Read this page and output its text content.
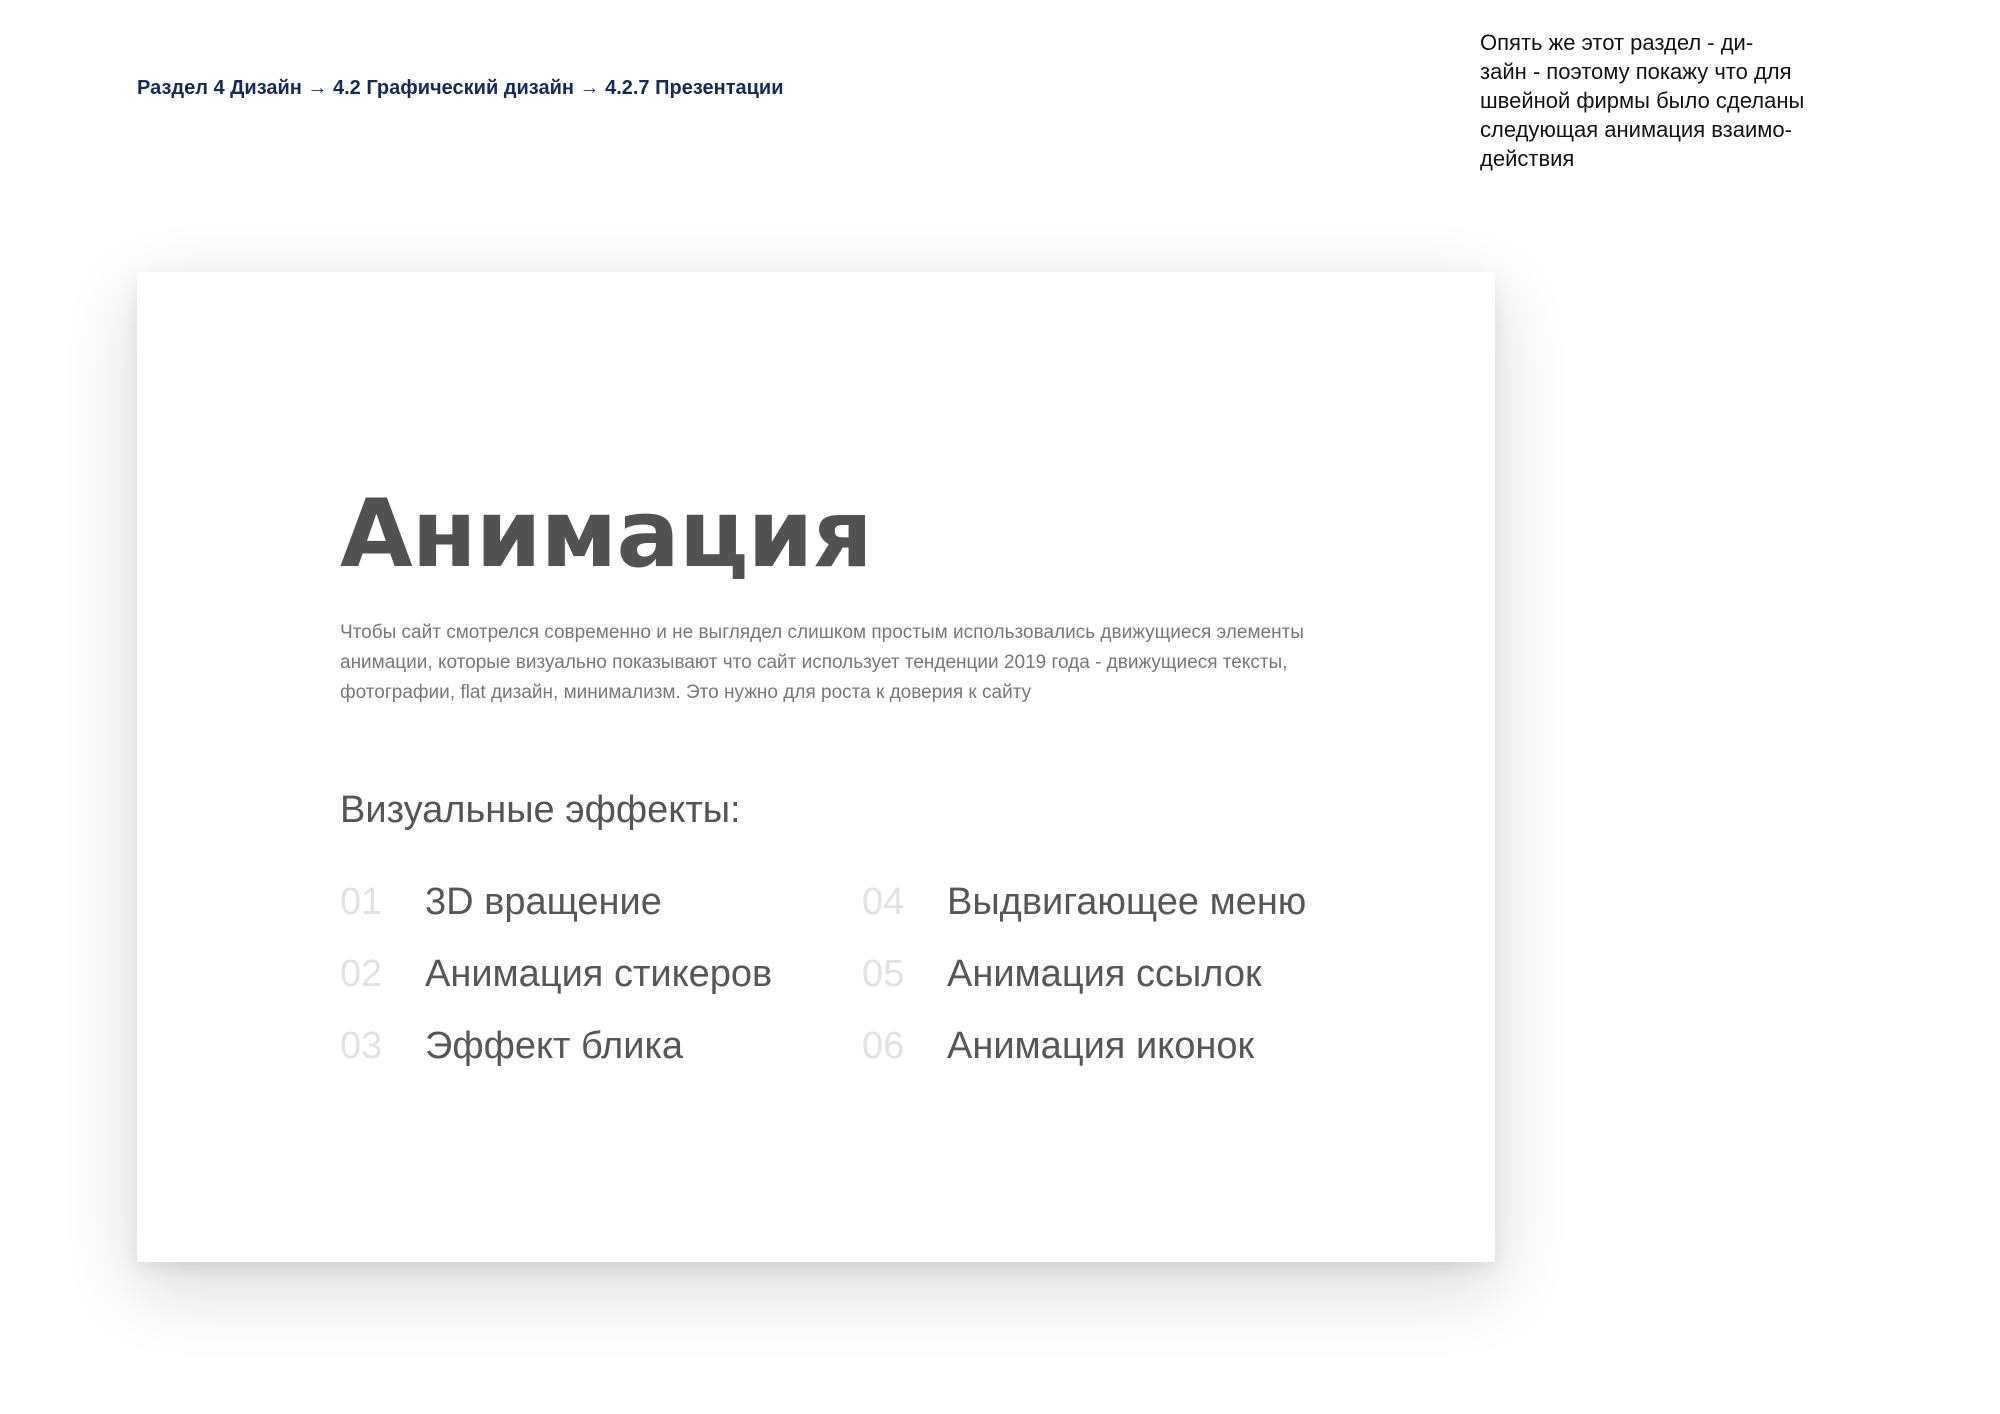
Раздел 4 Дизайн → 4.2 Графический дизайн → 4.2.7 Презентации
Опять же этот раздел - ди-
зайн - поэтому покажу что для
швейной фирмы было сделаны
следующая анимация взаимо-
действия
Анимация

Чтобы сайт смотрелся современно и не выглядел слишком простым использовались движущиеся элементы
анимации, которые визуально показывают что сайт использует тенденции 2019 года - движущиеся тексты,
фотографии, flat дизайн, минимализм. Это нужно для роста к доверия к сайту

Визуальные эффекты:
01	3D вращение
02	Анимация стикеров
03	Эффект блика
04	Выдвигающее меню
05	Анимация ссылок
06	Анимация иконок
